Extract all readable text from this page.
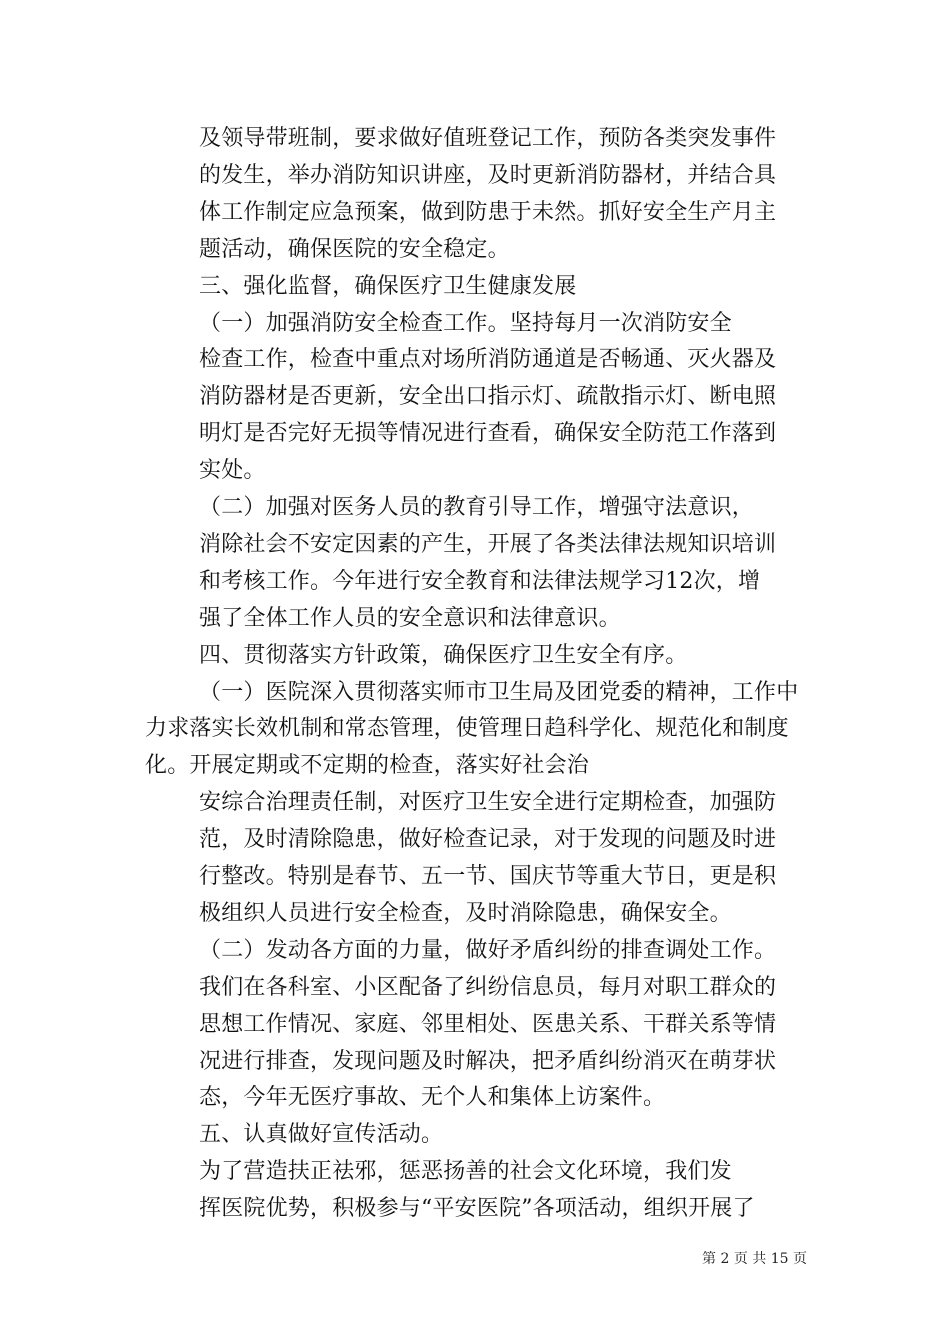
及领导带班制，要求做好值班登记工作，预防各类突发事件
的发生，举办消防知识讲座，及时更新消防器材，并结合具
体工作制定应急预案，做到防患于未然。抓好安全生产月主
题活动，确保医院的安全稳定。
三、强化监督，确保医疗卫生健康发展
（一）加强消防安全检查工作。坚持每月一次消防安全
检查工作，检查中重点对场所消防通道是否畅通、灭火器及
消防器材是否更新，安全出口指示灯、疏散指示灯、断电照
明灯是否完好无损等情况进行查看，确保安全防范工作落到
实处。
（二）加强对医务人员的教育引导工作，增强守法意识，
消除社会不安定因素的产生，开展了各类法律法规知识培训
和考核工作。今年进行安全教育和法律法规学习12次，增
强了全体工作人员的安全意识和法律意识。
四、贯彻落实方针政策，确保医疗卫生安全有序。
（一）医院深入贯彻落实师市卫生局及团党委的精神，工作中
力求落实长效机制和常态管理，使管理日趋科学化、规范化和制度
化。开展定期或不定期的检查，落实好社会治
安综合治理责任制，对医疗卫生安全进行定期检查，加强防
范，及时清除隐患，做好检查记录，对于发现的问题及时进
行整改。特别是春节、五一节、国庆节等重大节日，更是积
极组织人员进行安全检查，及时消除隐患，确保安全。
（二）发动各方面的力量，做好矛盾纠纷的排查调处工作。
我们在各科室、小区配备了纠纷信息员，每月对职工群众的
思想工作情况、家庭、邻里相处、医患关系、干群关系等情
况进行排查，发现问题及时解决，把矛盾纠纷消灭在萌芽状
态，今年无医疗事故、无个人和集体上访案件。
五、认真做好宣传活动。
为了营造扶正祛邪，惩恶扬善的社会文化环境，我们发
挥医院优势，积极参与“平安医院”各项活动，组织开展了
第 2 页 共 15 页
